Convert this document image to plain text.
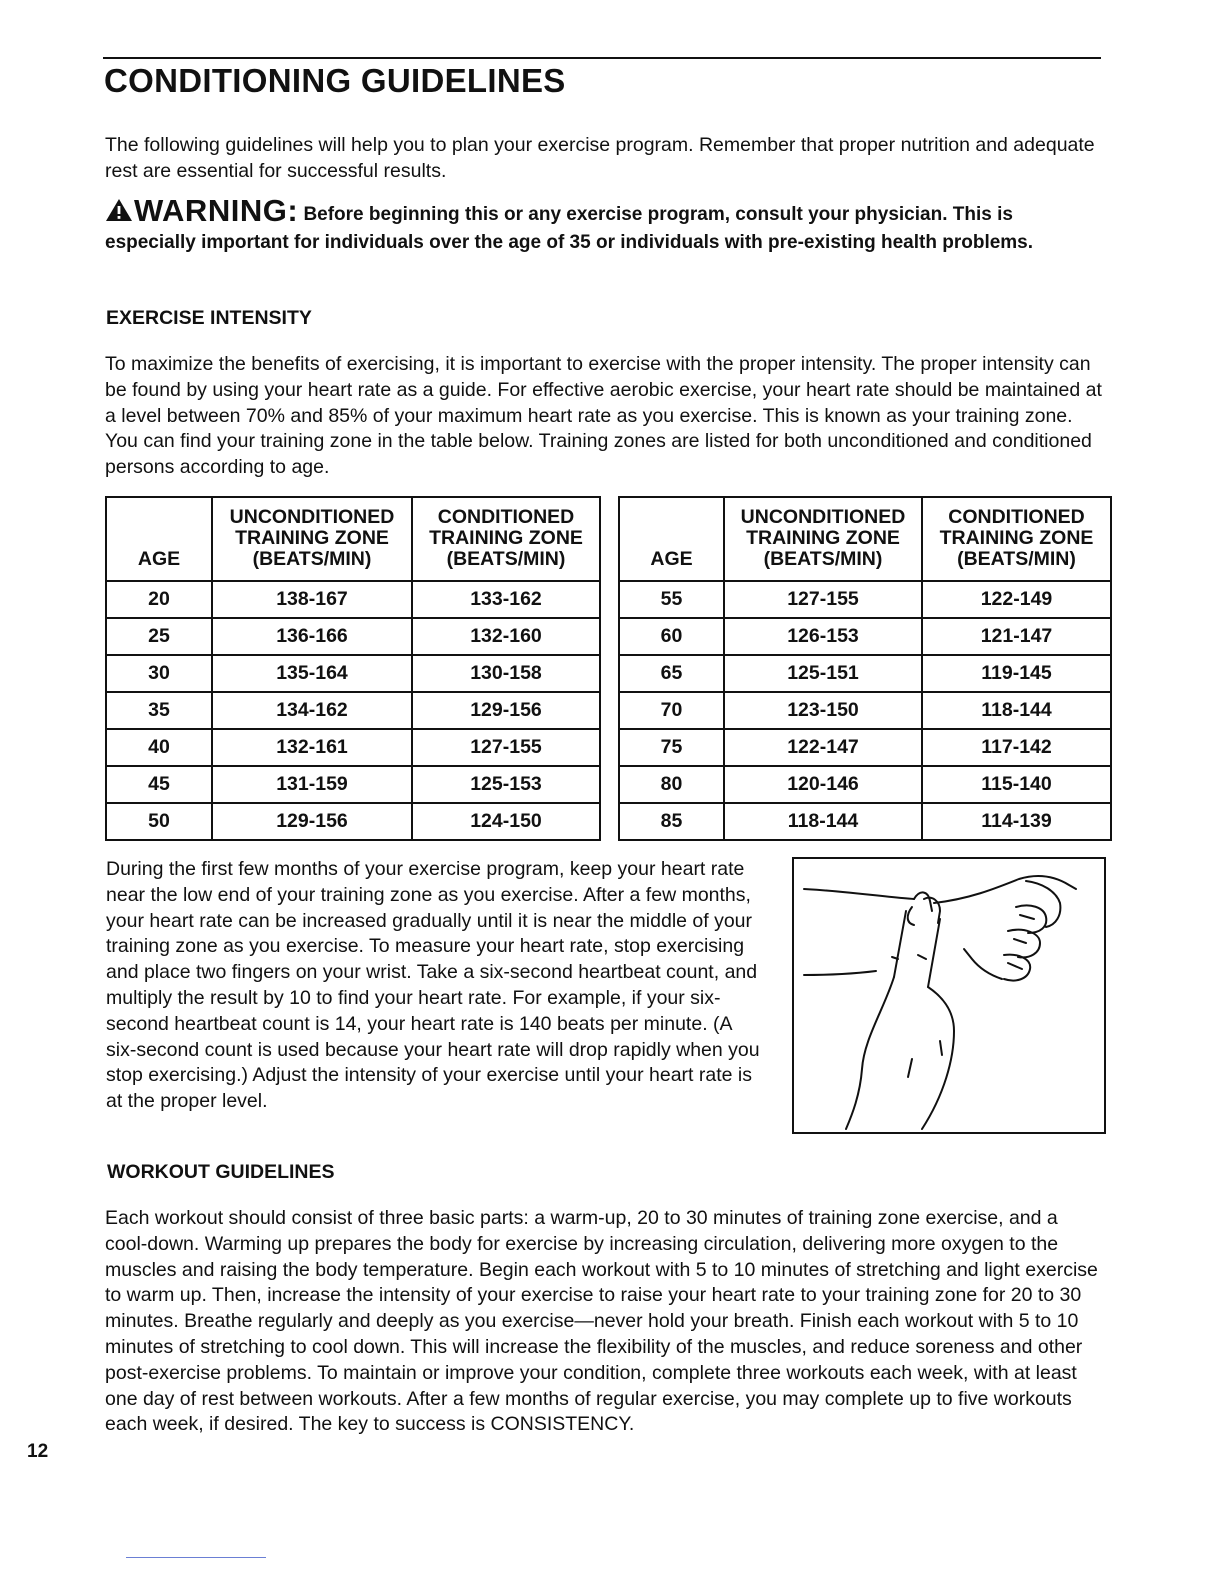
CONDITIONING GUIDELINES

The following guidelines will help you to plan your exercise program. Remember that proper nutrition and adequate rest are essential for successful results.

WARNING: Before beginning this or any exercise program, consult your physician. This is especially important for individuals over the age of 35 or individuals with pre-existing health problems.

EXERCISE INTENSITY

To maximize the benefits of exercising, it is important to exercise with the proper intensity. The proper intensity can be found by using your heart rate as a guide. For effective aerobic exercise, your heart rate should be maintained at a level between 70% and 85% of your maximum heart rate as you exercise. This is known as your training zone. You can find your training zone in the table below. Training zones are listed for both unconditioned and conditioned persons according to age.

AGE	UNCONDITIONED
TRAINING ZONE
(BEATS/MIN)	CONDITIONED
TRAINING ZONE
(BEATS/MIN)

20	138-167	133-162
25	136-166	132-160
30	135-164	130-158
35	134-162	129-156
40	132-161	127-155
45	131-159	125-153
50	129-156	124-150
AGE	UNCONDITIONED
TRAINING ZONE
(BEATS/MIN)	CONDITIONED
TRAINING ZONE
(BEATS/MIN)

55	127-155	122-149
60	126-153	121-147
65	125-151	119-145
70	123-150	118-144
75	122-147	117-142
80	120-146	115-140
85	118-144	114-139

During the first few months of your exercise program, keep your heart rate near the low end of your training zone as you exercise. After a few months, your heart rate can be increased gradually until it is near the middle of your training zone as you exercise. To measure your heart rate, stop exercising and place two fingers on your wrist. Take a six-second heartbeat count, and multiply the result by 10 to find your heart rate. For example, if your six-second heartbeat count is 14, your heart rate is 140 beats per minute. (A six-second count is used because your heart rate will drop rapidly when you stop exercising.) Adjust the intensity of your exercise until your heart rate is at the proper level.

WORKOUT GUIDELINES

Each workout should consist of three basic parts: a warm-up, 20 to 30 minutes of training zone exercise, and a cool-down. Warming up prepares the body for exercise by increasing circulation, delivering more oxygen to the muscles and raising the body temperature. Begin each workout with 5 to 10 minutes of stretching and light exercise to warm up. Then, increase the intensity of your exercise to raise your heart rate to your training zone for 20 to 30 minutes. Breathe regularly and deeply as you exercise—never hold your breath. Finish each workout with 5 to 10 minutes of stretching to cool down. This will increase the flexibility of the muscles, and reduce soreness and other post-exercise problems. To maintain or improve your condition, complete three workouts each week, with at least one day of rest between workouts. After a few months of regular exercise, you may complete up to five workouts each week, if desired. The key to success is CONSISTENCY.

12
